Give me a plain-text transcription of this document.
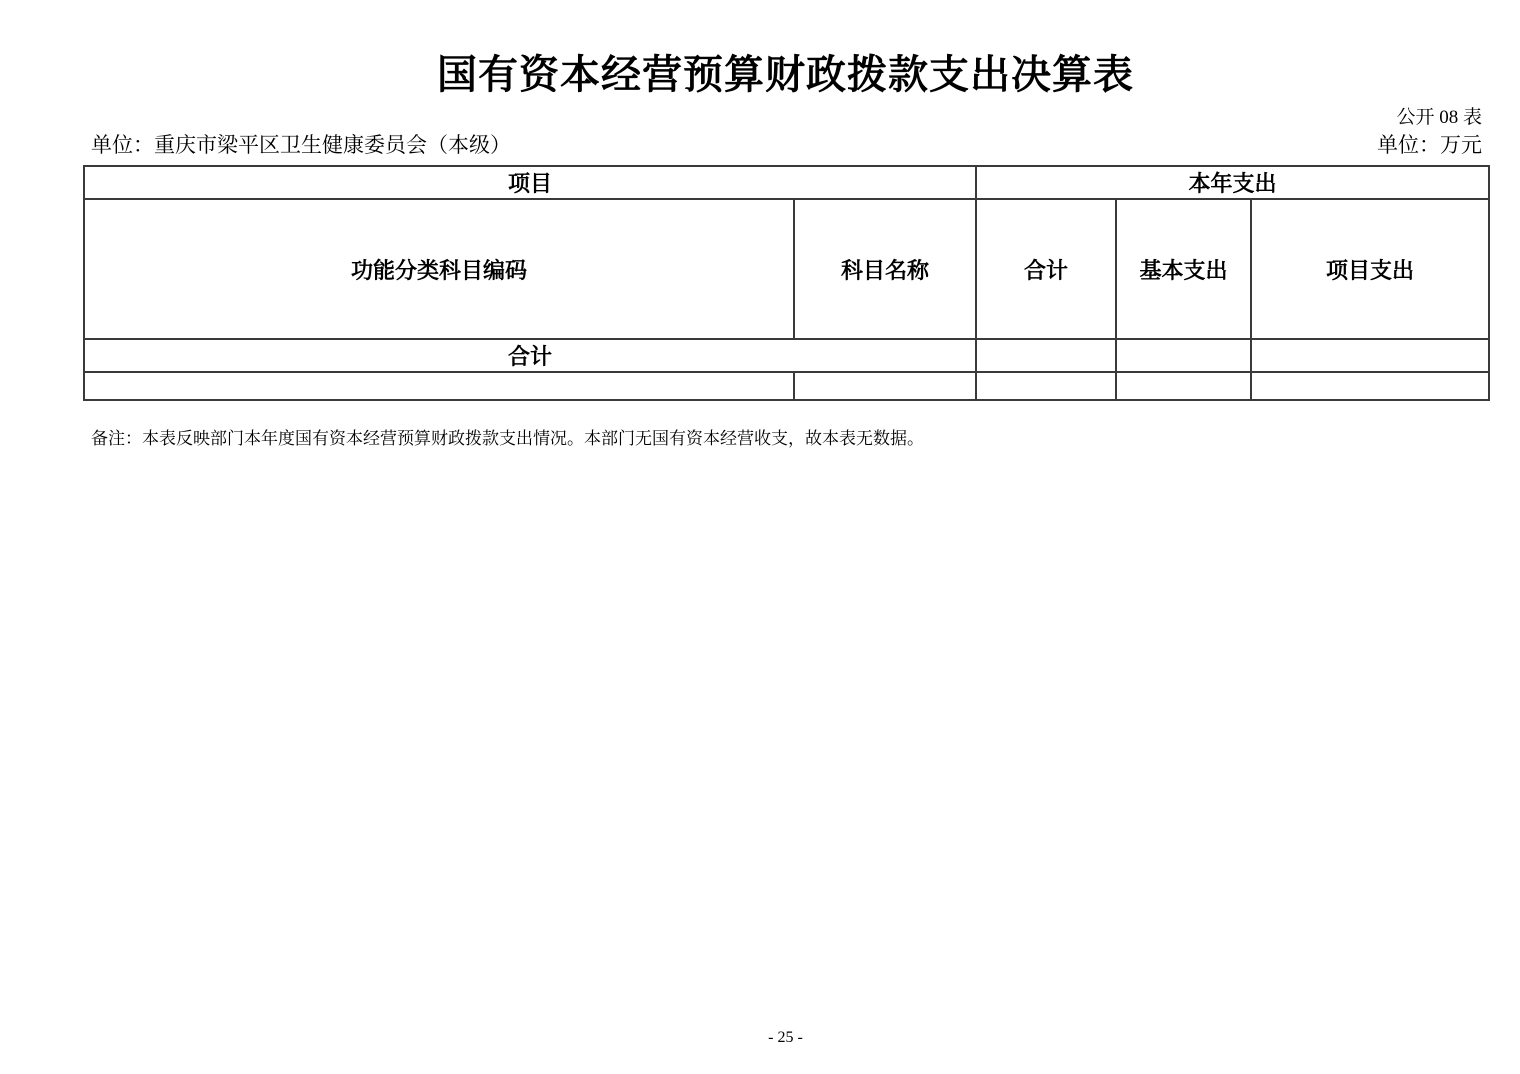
国有资本经营预算财政拨款支出决算表
公开 08 表
单位：重庆市梁平区卫生健康委员会（本级）	单位：万元
项目		本年支出		
功能分类科目编码	科目名称	合计	基本支出	项目支出
合计				

备注：本表反映部门本年度国有资本经营预算财政拨款支出情况。本部门无国有资本经营收支，故本表无数据。

- 25 -
